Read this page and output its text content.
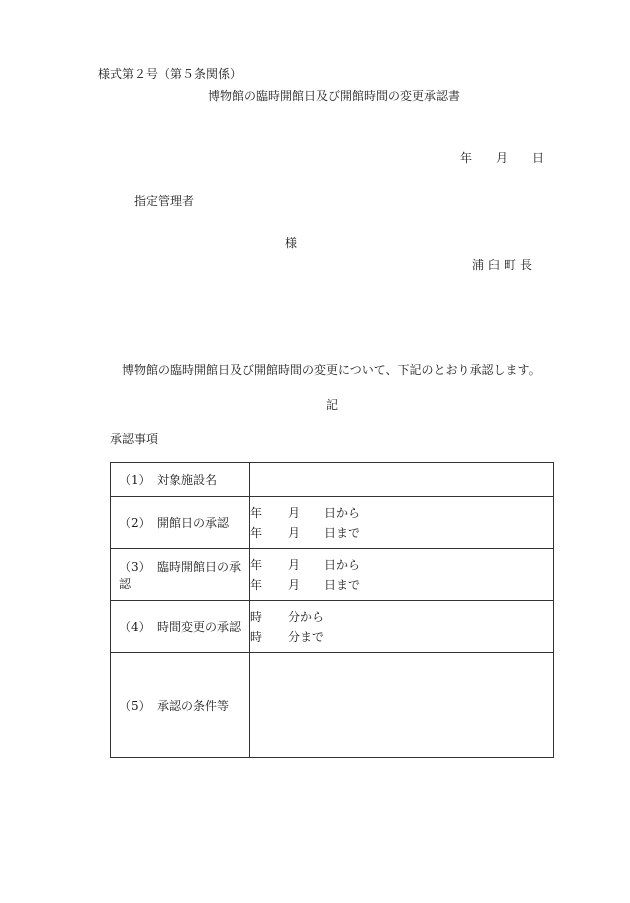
様式第２号（第５条関係）
博物館の臨時開館日及び開館時間の変更承認書
年 月 日
指定管理者
様
浦臼町長
博物館の臨時開館日及び開館時間の変更について、下記のとおり承認します。
記
承認事項
（1） 対象施設名	
（2） 開館日の承認	年 月 日から
年 月 日まで

（3） 臨時開館日の承認	年 月 日から
年 月 日まで

（4） 時間変更の承認	時 分から
時 分まで

（5） 承認の条件等	
